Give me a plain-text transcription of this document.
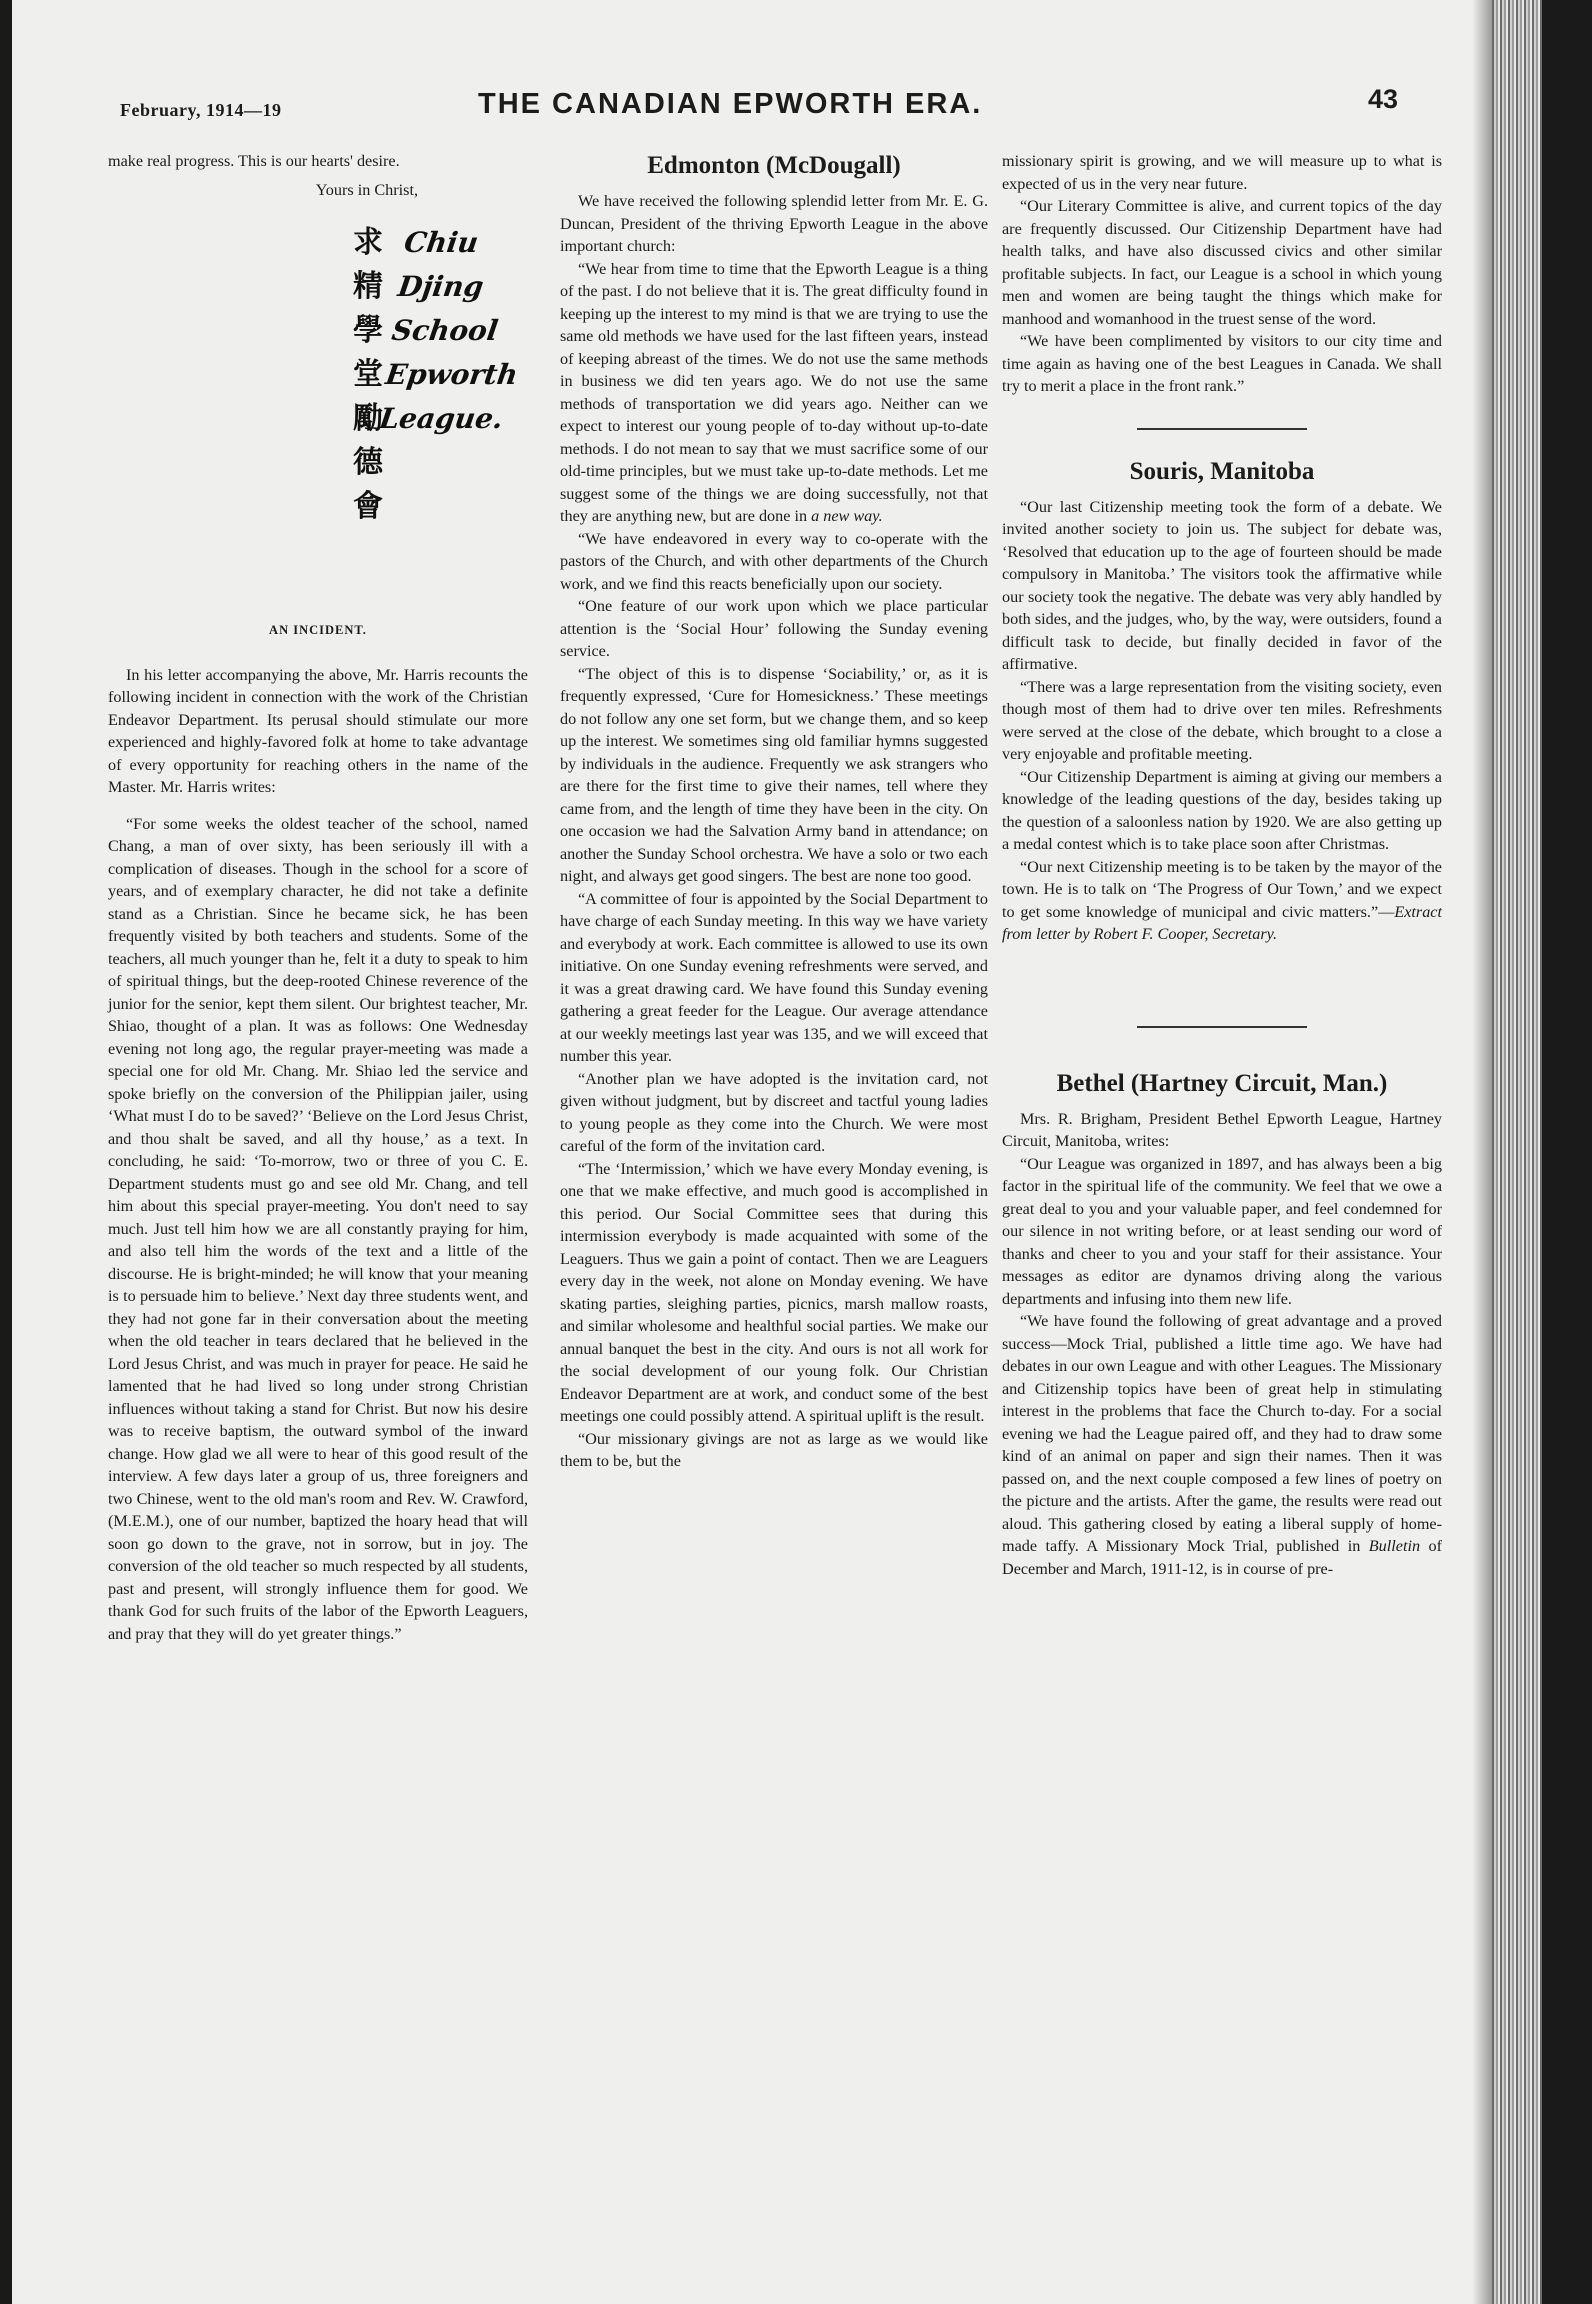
February, 1914—19	THE CANADIAN EPWORTH ERA.	43

make real progress. This is our hearts' desire.

Yours in Christ,
求
精
學
堂
勵
德
會
Chiu
Djing
School
Epworth
League.
AN INCIDENT.

In his letter accompanying the above, Mr. Harris recounts the following incident in connection with the work of the Christian Endeavor Department. Its perusal should stimulate our more experienced and highly-favored folk at home to take advantage of every opportunity for reaching others in the name of the Master. Mr. Harris writes:

“For some weeks the oldest teacher of the school, named Chang, a man of over sixty, has been seriously ill with a complication of diseases. Though in the school for a score of years, and of exemplary character, he did not take a definite stand as a Christian. Since he became sick, he has been frequently visited by both teachers and students. Some of the teachers, all much younger than he, felt it a duty to speak to him of spiritual things, but the deep-rooted Chinese reverence of the junior for the senior, kept them silent. Our brightest teacher, Mr. Shiao, thought of a plan. It was as follows: One Wednesday evening not long ago, the regular prayer-meeting was made a special one for old Mr. Chang. Mr. Shiao led the service and spoke briefly on the conversion of the Philippian jailer, using ‘What must I do to be saved?’ ‘Believe on the Lord Jesus Christ, and thou shalt be saved, and all thy house,’ as a text. In concluding, he said: ‘To-morrow, two or three of you C. E. Department students must go and see old Mr. Chang, and tell him about this special prayer-meeting. You don't need to say much. Just tell him how we are all constantly praying for him, and also tell him the words of the text and a little of the discourse. He is bright-minded; he will know that your meaning is to persuade him to believe.’ Next day three students went, and they had not gone far in their conversation about the meeting when the old teacher in tears declared that he believed in the Lord Jesus Christ, and was much in prayer for peace. He said he lamented that he had lived so long under strong Christian influences without taking a stand for Christ. But now his desire was to receive baptism, the outward symbol of the inward change. How glad we all were to hear of this good result of the interview. A few days later a group of us, three foreigners and two Chinese, went to the old man's room and Rev. W. Crawford, (M.E.M.), one of our number, baptized the hoary head that will soon go down to the grave, not in sorrow, but in joy. The conversion of the old teacher so much respected by all students, past and present, will strongly influence them for good. We thank God for such fruits of the labor of the Epworth Leaguers, and pray that they will do yet greater things.”

Edmonton (McDougall)

We have received the following splendid letter from Mr. E. G. Duncan, President of the thriving Epworth League in the above important church:

“We hear from time to time that the Epworth League is a thing of the past. I do not believe that it is. The great difficulty found in keeping up the interest to my mind is that we are trying to use the same old methods we have used for the last fifteen years, instead of keeping abreast of the times. We do not use the same methods in business we did ten years ago. We do not use the same methods of transportation we did years ago. Neither can we expect to interest our young people of to-day without up-to-date methods. I do not mean to say that we must sacrifice some of our old-time principles, but we must take up-to-date methods. Let me suggest some of the things we are doing successfully, not that they are anything new, but are done in a new way.

“We have endeavored in every way to co-operate with the pastors of the Church, and with other departments of the Church work, and we find this reacts beneficially upon our society.

“One feature of our work upon which we place particular attention is the ‘Social Hour’ following the Sunday evening service.

“The object of this is to dispense ‘Sociability,’ or, as it is frequently expressed, ‘Cure for Homesickness.’ These meetings do not follow any one set form, but we change them, and so keep up the interest. We sometimes sing old familiar hymns suggested by individuals in the audience. Frequently we ask strangers who are there for the first time to give their names, tell where they came from, and the length of time they have been in the city. On one occasion we had the Salvation Army band in attendance; on another the Sunday School orchestra. We have a solo or two each night, and always get good singers. The best are none too good.

“A committee of four is appointed by the Social Department to have charge of each Sunday meeting. In this way we have variety and everybody at work. Each committee is allowed to use its own initiative. On one Sunday evening refreshments were served, and it was a great drawing card. We have found this Sunday evening gathering a great feeder for the League. Our average attendance at our weekly meetings last year was 135, and we will exceed that number this year.

“Another plan we have adopted is the invitation card, not given without judgment, but by discreet and tactful young ladies to young people as they come into the Church. We were most careful of the form of the invitation card.

“The ‘Intermission,’ which we have every Monday evening, is one that we make effective, and much good is accomplished in this period. Our Social Committee sees that during this intermission everybody is made acquainted with some of the Leaguers. Thus we gain a point of contact. Then we are Leaguers every day in the week, not alone on Monday evening. We have skating parties, sleighing parties, picnics, marsh mallow roasts, and similar wholesome and healthful social parties. We make our annual banquet the best in the city. And ours is not all work for the social development of our young folk. Our Christian Endeavor Department are at work, and conduct some of the best meetings one could possibly attend. A spiritual uplift is the result.

“Our missionary givings are not as large as we would like them to be, but the

missionary spirit is growing, and we will measure up to what is expected of us in the very near future.

“Our Literary Committee is alive, and current topics of the day are frequently discussed. Our Citizenship Department have had health talks, and have also discussed civics and other similar profitable subjects. In fact, our League is a school in which young men and women are being taught the things which make for manhood and womanhood in the truest sense of the word.

“We have been complimented by visitors to our city time and time again as having one of the best Leagues in Canada. We shall try to merit a place in the front rank.”

Souris, Manitoba

“Our last Citizenship meeting took the form of a debate. We invited another society to join us. The subject for debate was, ‘Resolved that education up to the age of fourteen should be made compulsory in Manitoba.’ The visitors took the affirmative while our society took the negative. The debate was very ably handled by both sides, and the judges, who, by the way, were outsiders, found a difficult task to decide, but finally decided in favor of the affirmative.

“There was a large representation from the visiting society, even though most of them had to drive over ten miles. Refreshments were served at the close of the debate, which brought to a close a very enjoyable and profitable meeting.

“Our Citizenship Department is aiming at giving our members a knowledge of the leading questions of the day, besides taking up the question of a saloonless nation by 1920. We are also getting up a medal contest which is to take place soon after Christmas.

“Our next Citizenship meeting is to be taken by the mayor of the town. He is to talk on ‘The Progress of Our Town,’ and we expect to get some knowledge of municipal and civic matters.”—Extract from letter by Robert F. Cooper, Secretary.

Bethel (Hartney Circuit, Man.)

Mrs. R. Brigham, President Bethel Epworth League, Hartney Circuit, Manitoba, writes:

“Our League was organized in 1897, and has always been a big factor in the spiritual life of the community. We feel that we owe a great deal to you and your valuable paper, and feel condemned for our silence in not writing before, or at least sending our word of thanks and cheer to you and your staff for their assistance. Your messages as editor are dynamos driving along the various departments and infusing into them new life.

“We have found the following of great advantage and a proved success—Mock Trial, published a little time ago. We have had debates in our own League and with other Leagues. The Missionary and Citizenship topics have been of great help in stimulating interest in the problems that face the Church to-day. For a social evening we had the League paired off, and they had to draw some kind of an animal on paper and sign their names. Then it was passed on, and the next couple composed a few lines of poetry on the picture and the artists. After the game, the results were read out aloud. This gathering closed by eating a liberal supply of home-made taffy. A Missionary Mock Trial, published in Bulletin of December and March, 1911-12, is in course of pre-
